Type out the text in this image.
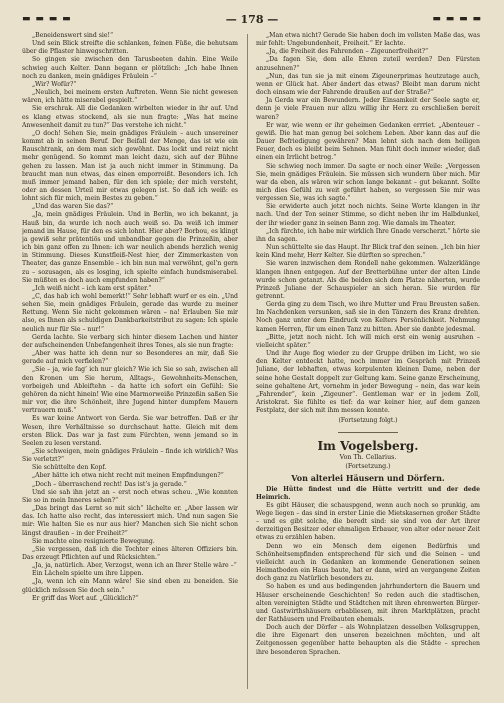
▬ ▬ ▬ ▬	— 178 —	▬ ▬ ▬ ▬

„Beneidenswert sind sie!“

Und sein Blick streifte die schlanken, feinen Füße, die behutsam über die Pflaster hinwegschritten.

So gingen sie zwischen den Tarusbeeten dahin. Eine Weile schwieg auch Kelter. Dann begann er plötzlich: „Ich habe Ihnen noch zu danken, mein gnädiges Fräulein –“

„Wir? Wofür?“

„Neulich, bei meinem ersten Auftreten. Wenn Sie nicht gewesen wären, ich hätte miserabel gespielt.“

Sie erschrak. All die Gedanken wirbelten wieder in ihr auf. Und es klang etwas stockend, als sie nun fragte: „Was hat meine Anwesenheit damit zu tun?“ Das verstehe ich nicht.“

„O doch! Sehen Sie, mein gnädiges Fräulein – auch unsereiner kommt ab in seinen Beruf. Der Beifall der Menge, das ist wie ein Rauschtrank, an dem man sich gewöhnt. Das lockt und reizt nicht mehr genügend. So kommt man leicht dazu, sich auf der Bühne gehen zu lassen. Man ist ja auch nicht immer in Stimmung. Da braucht man nun etwas, das einen emporreißt. Besonders ich. Ich muß immer jemand haben, für den ich spiele; der mich versteht, oder an dessen Urteil mir etwas gelegen ist. So daß ich weiß: es lohnt sich für mich, mein Bestes zu geben.“

„Und das waren Sie das?“

„Ja, mein gnädiges Fräulein. Und in Berlin, wo ich bekannt, ja Hauß bin, da wurde ich noch auch weiß so. Da weiß ich immer jemand im Hause, für den es sich lohnt. Hier aber? Borbou, es klingt ja gewiß sehr prätentiös und unbandbar gegen die Prinzeßin, aber ich bin ganz offen zu Ihnen: ich war neulich abends herzlich wenig in Stimmung. Dieses Kunstfleiß-Nest hier, der Zimmerkasten von Theater, das ganze Ensemble – ich bin nun mal verwöhnt, gel’n gern zu – sozusagen, als es losging, ich spielte einfach hundsmiserabel. Sie müßten es doch auch empfunden haben?“

„Ich weiß nicht – ich kam erst später.“

„C, das hab ich wohl bemerkt!“ Sehr lebhaft wurf er es ein. „Und sehen Sie, mein gnädiges Fräulein, gerade das wurde zu meiner Rettung. Wenn Sie nicht gekommen wären – na! Erlauben Sie mir also, es Ihnen als schuldigen Dankbarkeitstribut zu sagen: Ich spiele neulich nur für Sie – nur!“

Gerda lachte. Sie verbarg sich hinter diesem Lachen und hinter der aufscheinenden Unbefangenheit ihres Tones, als sie nun fragte:

„Aber was hatte ich denn nur so Besonderes an mir, daß Sie gerade auf mich verfielen?“

„Sie – ja, wie fag’ ich nur gleich? Wie ich Sie so sah, zwischen all den Kronen um Sie herum, Alltags-, Gewohnheits-Menschen, vorbeigeh und Ableiftehn – da hatte ich sofort ein Gefühl: Sie gehören da nicht hinein! Wie eine Marmorweiße Prinzeßin saßen Sie mir vor, die ihre Schönheit, ihre Jugend hinter dumpfem Mauern vertrauern muß.“

Es war keine Antwort von Gerda. Sie war betroffen. Daß er ihr Wesen, ihre Verhältnisse so durchschaut hatte. Gleich mit dem ersten Blick. Das war ja fast zum Fürchten, wenn jemand so in Seelen zu lesen verstand.

„Sie schweigen, mein gnädiges Fräulein – finde ich wirklich? Was Sie verletzt?“

Sie schüttelte den Kopf.

„Aber hätte ich etwa nicht recht mit meinen Empfindungen?“

„Doch – überraschend recht! Das ist’s ja gerade.“

Und sie sah ihn jetzt an – erst noch etwas scheu. „Wie konnten Sie so in mein Inneres sehen?“

„Das bringt das Lernt so mit sich“ lächelte er. „Aber lassen wir das. Ich hatte also recht, das interessiert mich. Und nun sagen Sie mir: Wie halten Sie es nur aus hier? Manchen sich Sie nicht schon längst draußen – in der Freiheit?“

Sie machte eine resignierte Bewegung.

„Sie vergessen, daß ich die Tochter eines älteren Offiziers bin. Das erzeugt Pflichten auf und Rücksichten.“

„Ja, ja, natürlich. Aber, Verzogst, wenn ich an Ihrer Stelle wäre –“

Ein Lächeln spielte um ihre Lippen.

„Ja, wenn ich ein Mann wäre! Sie sind eben zu beneiden. Sie glücklich müssen Sie doch sein.“

Er griff das Wort auf. „Glücklich?“

„Man etwa nicht? Gerade Sie haben doch im vollsten Maße das, was mir fehlt: Ungebundenheit, Freiheit.“ Er lachte.

„Ja, die Freiheit des Fahrenden – Zigeunerfreiheit?“

„Da fagen Sie, dem alle Ehren zuteil werden? Den Fürsten anzusehnen?“

„Nun, das tun sie ja mit einem Zigeunerprimas heutzutage auch, wenn er Glück hat. Aber ändert das etwas? Bleibt man darum nicht doch einsam wie der Fahrende draußen auf der Straße?“

Ja Gerda war ein Bewundern. Jeder Einsamkeit der Seele sagte er, denn je viele Frauen nur allzu willig ihr Herz zu erschließen bereit waren?

Er war, wie wenn er ihr geheimen Gedanken errriet. „Abenteuer – gewiß. Die hat man genug bei solchem Leben. Aber kann das auf die Dauer Befriedigung gewähren? Man lebnt sich nach dem heiligen Feuer, doch es bleibt beim Sehnen. Man fühlt doch immer wieder, daß einen ein Irrlicht betrog.“

Sie schwieg noch immer. Da sagte er noch einer Weile: „Vergessen Sie, mein gnädiges Fräulein. Sie müssen sich wundern über mich. Mir war da eben, als wären wir schon lange bekannt – gut bekannt. Sollte mich dies Gefühl zu weit geführt haben, so vergessen Sie mir was vergessen Sie, was ich sagte.“

Sie erwiderte auch jetzt noch nichts. Seine Worte klangen in ihr nach. Und der Ton seiner Stimme, so dicht neben ihr im Halbdunkel, der ihr wieder ganz in seinen Bann zog. Wie damals im Theater.

„Ich fürchte, ich habe mir wirklich Ihre Gnade verscherzt.“ hörte sie ihn da sagen.

Nun schüttelte sie das Haupt. Ihr Blick traf den seinen. „Ich bin hier kein Kind mehr, Herr Kelter. Sie dürften so sprechen.“

Sie waren inzwischen dem Rondell nahe gekommen. Walzerklänge klangen ihnen entgegen. Auf der Bretterbühne unter der alten Linde wurde schon getanzt. Als die beiden sich dem Platze näherten, wurde Prinzeß Juliane der Schauspieler an sich heran. Sie wurden für getrennt.

Gerda ging zu dem Tisch, wo ihre Mutter und Frau Breusten saßen. Im Nachdenken versunken, saß sie in den Tänzern des Kranz drehten. Noch ganz unter dem Eindruck von Kelters Persönlichkeit. Nehmung kamen Herren, für um einen Tanz zu bitten. Aber sie danbte jedesmal.

„Bitte, jetzt noch nicht. Ich will mich erst ein wenig ausruhen – vielleicht später.“

Und ihr Auge flog wieder zu der Gruppe drüben im Licht, wo sie den Kelter entdeckt hatte, noch immer im Gespräch mit Prinzeß Juliane, der lebhaften, etwas korpulenten kleinen Dame, neben der seine hohe Gestalt doppelt zur Geltung kam. Seine ganze Erscheinung, seine gehaltene Art, vornehm in jeder Bewegung – nein, das war kein „Fahrender“, kein „Zigeuner“. Gentleman war er in jedem Zoll, Aristokrat. Sie fühlte es tief: da war keiner hier, auf dem ganzen Festplatz, der sich mit ihm messen konnte.

(Fortsetzung folgt.)

Im Vogelsberg.
Von Th. Cellarius.
(Fortsetzung.)
Von alterlei Häusern und Dörfern.

Die Hütte findest und die Hütte vertritt und der dede Heimrich.

Es gibt Häuser, die schauspgend, wenn auch noch so prunkig, am Wege liegen – das sind in erster Linie die Mietskasernen großer Städte – und es gibt solche, die beredt sind: sie sind von der Art ihrer derzeitigen Besitzer oder ehmaligen Erbauer, von alter oder neuer Zeit etwas zu erzählen haben.

Denn wo ein Mensch dem eigenen Bedürfnis und Schönheitsempfinden entsprechend für sich und die Seinen – und vielleicht auch in Gedanken an kommende Generationen seinen Heimatboden ein Haus baute, hat er dann, wird an vergangene Zeiten doch ganz zu Natürlich besonders zu.

So haben es und aus bedingenden jahrhundertern die Bauern und Häuser erscheinende Geschichten! So reden auch die stadtischen, alten vereinigten Städte und Städtchen mit ihren ehrenwerten Bürger- und Gastwirthshäusern erbabliesen, mit ihren Marktplätzen, pracht der Rathäusern und Freibauten ehemals.

Doch auch der Dörfer – als Wohnplatzen desselben Volksgruppen, die ihre Eigenart den unseren bezeichnen möchten, und alt Zeitgenossen gegenüber hatte behaupten als die Städte – sprechen ihre besonderen Sprachen.
